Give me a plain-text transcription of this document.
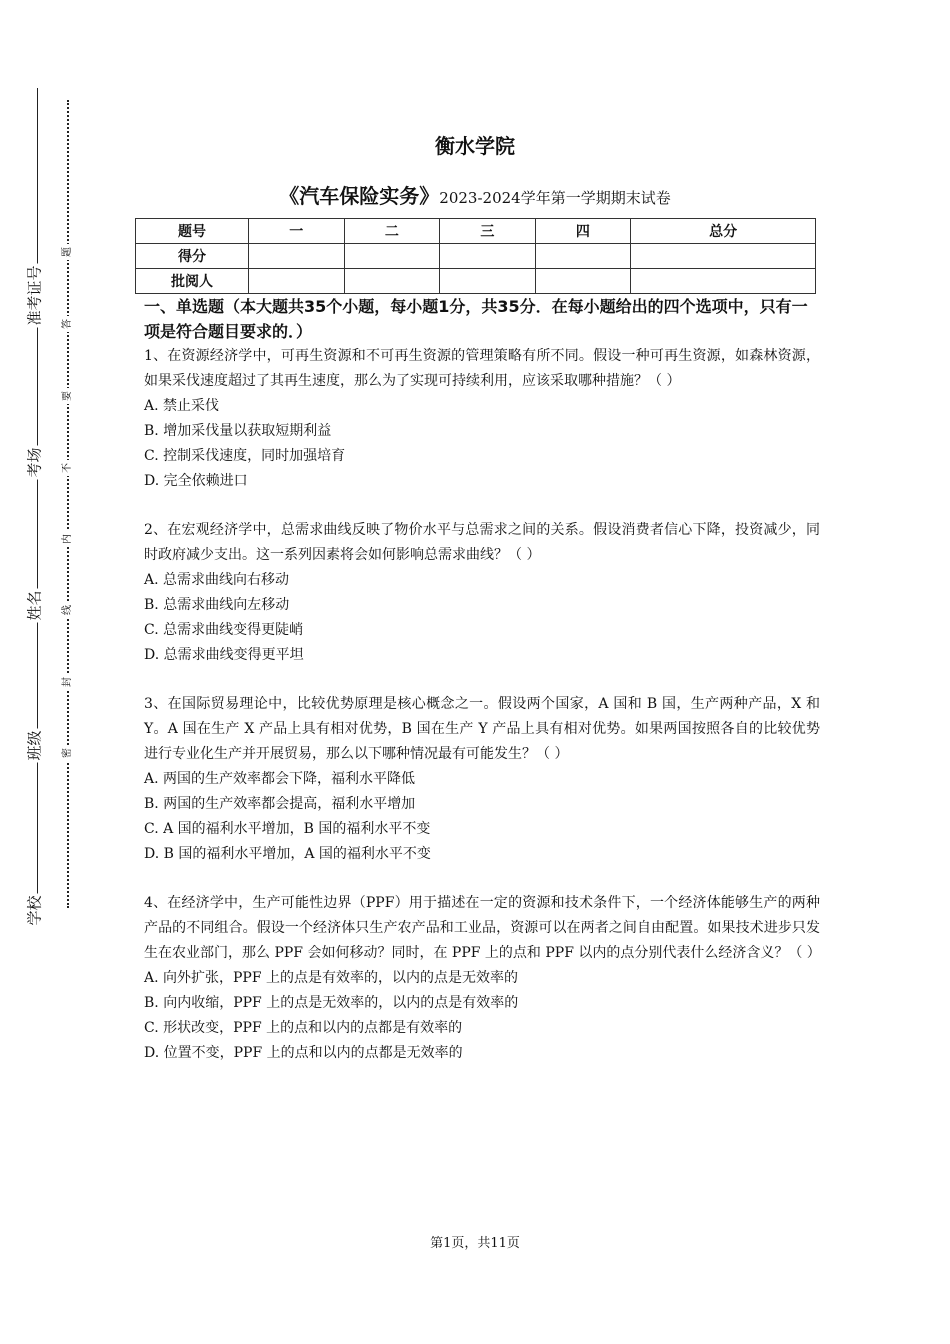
准考证号
考场
姓名
班级
学校
题
答
要
不
内
线
封
密
衡水学院
《汽车保险实务》2023-2024学年第一学期期末试卷
题号	一	二	三	四	总分
得分					
批阅人					
一、单选题（本大题共35个小题，每小题1分，共35分．在每小题给出的四个选项中，只有一项是符合题目要求的．）

1、在资源经济学中，可再生资源和不可再生资源的管理策略有所不同。假设一种可再生资源，如森林资源，如果采伐速度超过了其再生速度，那么为了实现可持续利用，应该采取哪种措施？（ ）

A. 禁止采伐

B. 增加采伐量以获取短期利益

C. 控制采伐速度，同时加强培育

D. 完全依赖进口

2、在宏观经济学中，总需求曲线反映了物价水平与总需求之间的关系。假设消费者信心下降，投资减少，同时政府减少支出。这一系列因素将会如何影响总需求曲线？（ ）

A. 总需求曲线向右移动

B. 总需求曲线向左移动

C. 总需求曲线变得更陡峭

D. 总需求曲线变得更平坦

3、在国际贸易理论中，比较优势原理是核心概念之一。假设两个国家，A 国和 B 国，生产两种产品，X 和 Y。A 国在生产 X 产品上具有相对优势，B 国在生产 Y 产品上具有相对优势。如果两国按照各自的比较优势进行专业化生产并开展贸易，那么以下哪种情况最有可能发生？（ ）

A. 两国的生产效率都会下降，福利水平降低

B. 两国的生产效率都会提高，福利水平增加

C. A 国的福利水平增加，B 国的福利水平不变

D. B 国的福利水平增加，A 国的福利水平不变

4、在经济学中，生产可能性边界（PPF）用于描述在一定的资源和技术条件下，一个经济体能够生产的两种产品的不同组合。假设一个经济体只生产农产品和工业品，资源可以在两者之间自由配置。如果技术进步只发生在农业部门，那么 PPF 会如何移动？同时，在 PPF 上的点和 PPF 以内的点分别代表什么经济含义？（ ）

A. 向外扩张，PPF 上的点是有效率的，以内的点是无效率的

B. 向内收缩，PPF 上的点是无效率的，以内的点是有效率的

C. 形状改变，PPF 上的点和以内的点都是有效率的

D. 位置不变，PPF 上的点和以内的点都是无效率的

第1页，共11页
